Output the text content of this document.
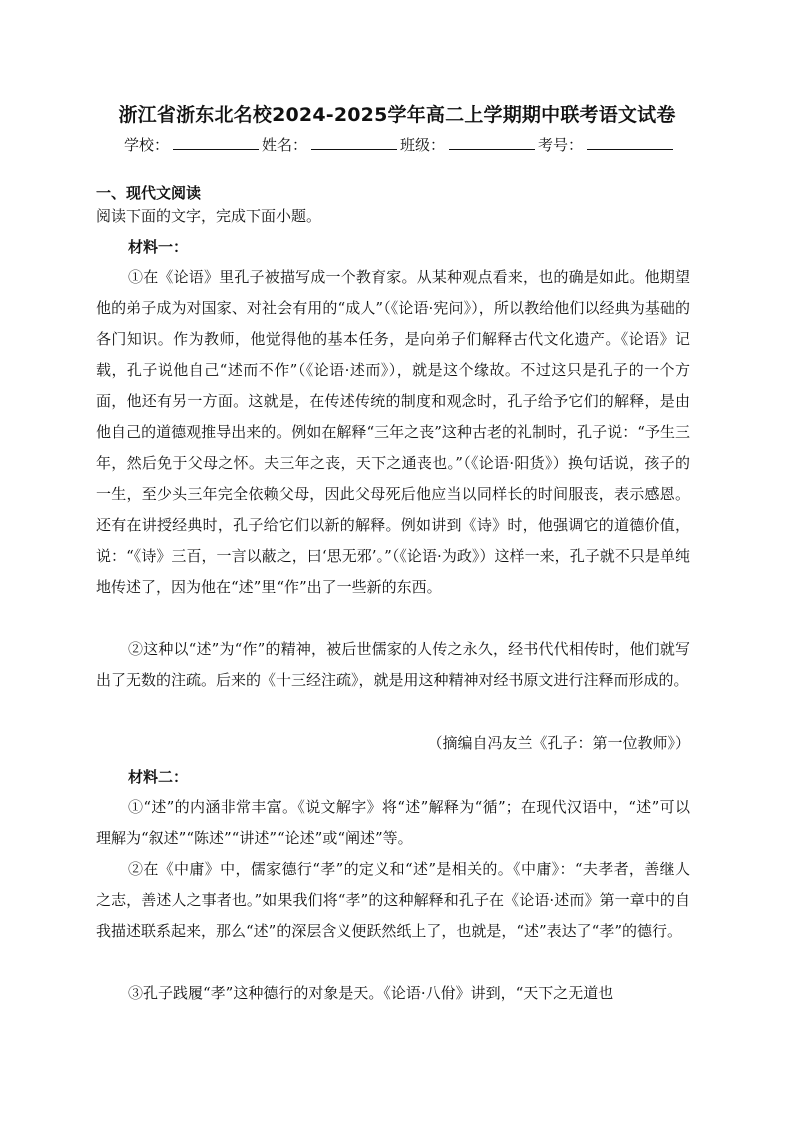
浙江省浙东北名校2024-2025学年高二上学期期中联考语文试卷
学校：	姓名：	班级：	考号：
一、现代文阅读
阅读下面的文字，完成下面小题。
材料一：

①在《论语》里孔子被描写成一个教育家。从某种观点看来，也的确是如此。他期望他的弟子成为对国家、对社会有用的“成人”（《论语·宪问》），所以教给他们以经典为基础的各门知识。作为教师，他觉得他的基本任务，是向弟子们解释古代文化遗产。《论语》记载，孔子说他自己“述而不作”（《论语·述而》），就是这个缘故。不过这只是孔子的一个方面，他还有另一方面。这就是，在传述传统的制度和观念时，孔子给予它们的解释，是由他自己的道德观推导出来的。例如在解释“三年之丧”这种古老的礼制时，孔子说：“予生三年，然后免于父母之怀。夫三年之丧，天下之通丧也。”（《论语·阳货》）换句话说，孩子的一生，至少头三年完全依赖父母，因此父母死后他应当以同样长的时间服丧，表示感恩。还有在讲授经典时，孔子给它们以新的解释。例如讲到《诗》时，他强调它的道德价值，说：“《诗》三百，一言以蔽之，曰‘思无邪’。”（《论语·为政》）这样一来，孔子就不只是单纯地传述了，因为他在“述”里“作”出了一些新的东西。

②这种以“述”为“作”的精神，被后世儒家的人传之永久，经书代代相传时，他们就写出了无数的注疏。后来的《十三经注疏》，就是用这种精神对经书原文进行注释而形成的。

（摘编自冯友兰《孔子：第一位教师》）
材料二：

①“述”的内涵非常丰富。《说文解字》将“述”解释为“循”；在现代汉语中，“述”可以理解为“叙述”“陈述”“讲述”“论述”或“阐述”等。

②在《中庸》中，儒家德行“孝”的定义和“述”是相关的。《中庸》：“夫孝者，善继人之志，善述人之事者也。”如果我们将“孝”的这种解释和孔子在《论语·述而》第一章中的自我描述联系起来，那么“述”的深层含义便跃然纸上了，也就是，“述”表达了“孝”的德行。

③孔子践履“孝”这种德行的对象是天。《论语·八佾》讲到，“天下之无道也
